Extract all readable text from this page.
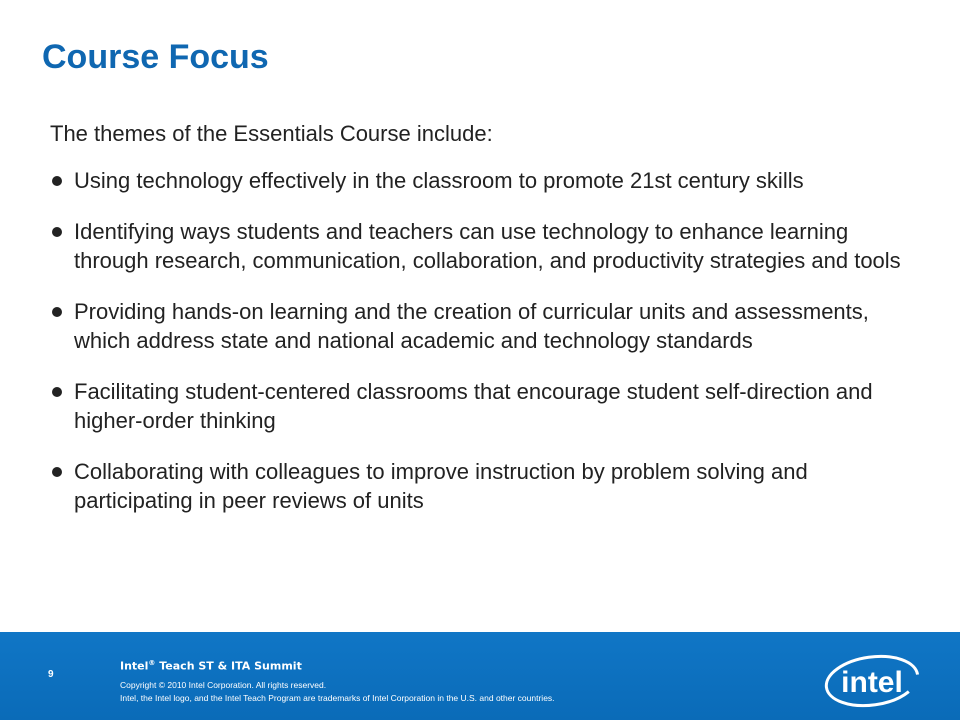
Course Focus

The themes of the Essentials Course include:

Using technology effectively in the classroom to promote 21st century skills
Identifying ways students and teachers can use technology to enhance learning through research, communication, collaboration, and productivity strategies and tools
Providing hands-on learning and the creation of curricular units and assessments, which address state and national academic and technology standards
Facilitating student-centered classrooms that encourage student self-direction and higher-order thinking
Collaborating with colleagues to improve instruction by problem solving and participating in peer reviews of units
9
Intel® Teach ST & ITA Summit
Copyright © 2010 Intel Corporation. All rights reserved.
Intel, the Intel logo, and the Intel Teach Program are trademarks of Intel Corporation in the U.S. and other countries.	intel
